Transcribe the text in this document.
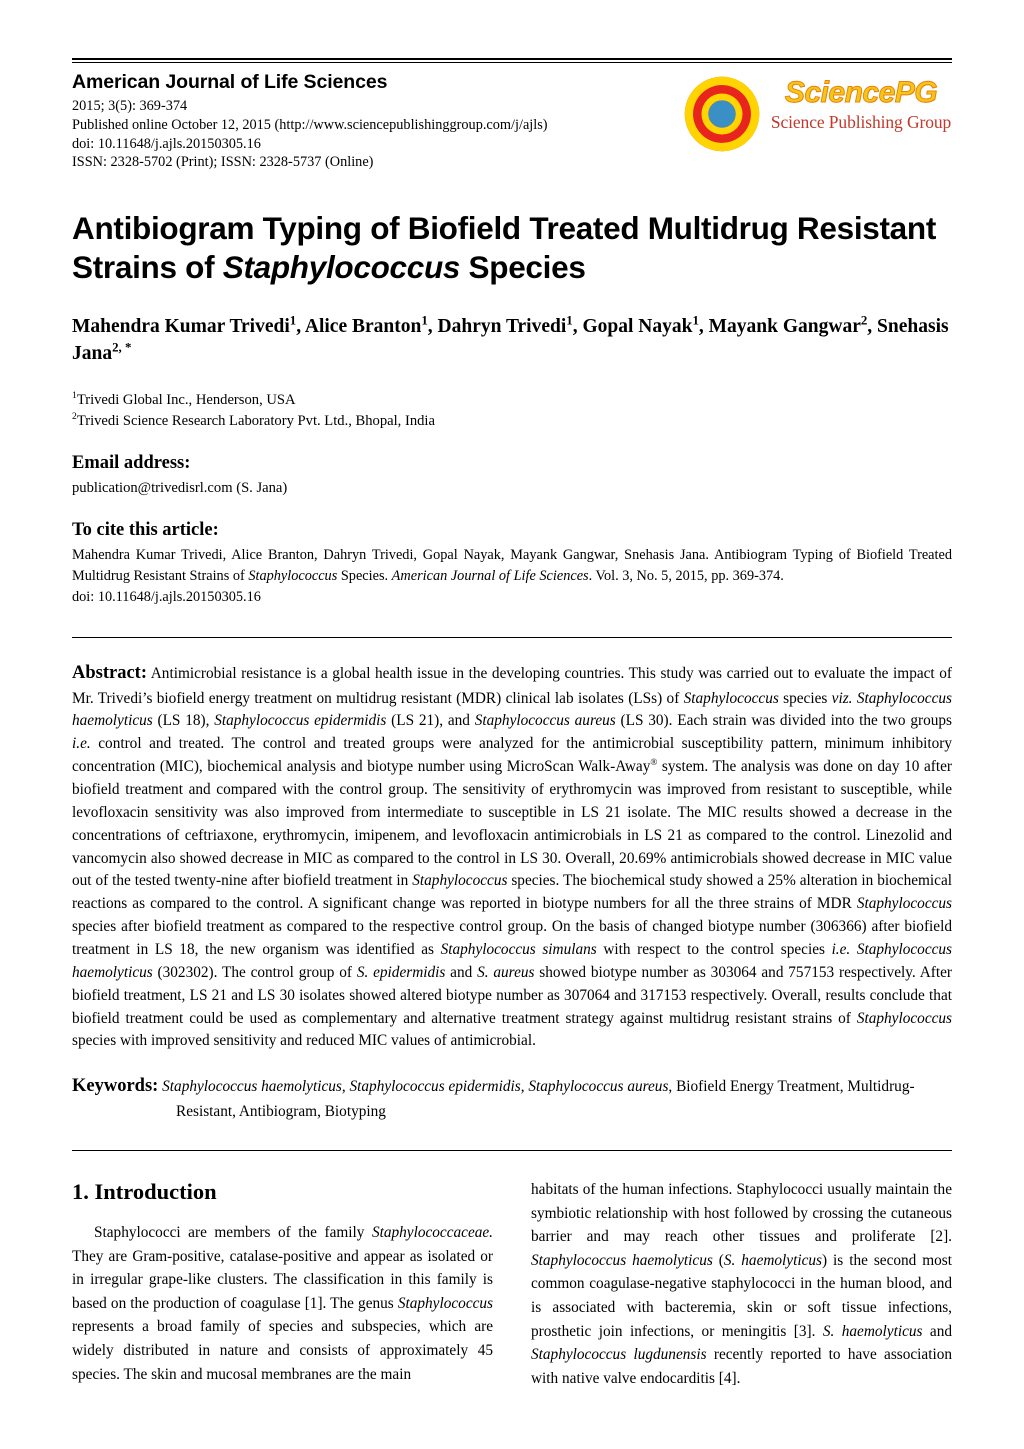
American Journal of Life Sciences
2015; 3(5): 369-374
Published online October 12, 2015 (http://www.sciencepublishinggroup.com/j/ajls)
doi: 10.11648/j.ajls.20150305.16
ISSN: 2328-5702 (Print); ISSN: 2328-5737 (Online)
SciencePG
Science Publishing Group
Antibiogram Typing of Biofield Treated Multidrug Resistant Strains of Staphylococcus Species
Mahendra Kumar Trivedi$^1$, Alice Branton$^1$, Dahryn Trivedi$^1$, Gopal Nayak$^1$, Mayank Gangwar$^2$, Snehasis Jana$^{2, *}$
$^1$Trivedi Global Inc., Henderson, USA
$^2$Trivedi Science Research Laboratory Pvt. Ltd., Bhopal, India
Email address:
publication@trivedisrl.com (S. Jana)
To cite this article:
Mahendra Kumar Trivedi, Alice Branton, Dahryn Trivedi, Gopal Nayak, Mayank Gangwar, Snehasis Jana. Antibiogram Typing of Biofield Treated Multidrug Resistant Strains of Staphylococcus Species. American Journal of Life Sciences. Vol. 3, No. 5, 2015, pp. 369-374.
doi: 10.11648/j.ajls.20150305.16
Abstract: Antimicrobial resistance is a global health issue in the developing countries. This study was carried out to evaluate the impact of Mr. Trivedi’s biofield energy treatment on multidrug resistant (MDR) clinical lab isolates (LSs) of Staphylococcus species viz. Staphylococcus haemolyticus (LS 18), Staphylococcus epidermidis (LS 21), and Staphylococcus aureus (LS 30). Each strain was divided into the two groups i.e. control and treated. The control and treated groups were analyzed for the antimicrobial susceptibility pattern, minimum inhibitory concentration (MIC), biochemical analysis and biotype number using MicroScan Walk-Away® system. The analysis was done on day 10 after biofield treatment and compared with the control group. The sensitivity of erythromycin was improved from resistant to susceptible, while levofloxacin sensitivity was also improved from intermediate to susceptible in LS 21 isolate. The MIC results showed a decrease in the concentrations of ceftriaxone, erythromycin, imipenem, and levofloxacin antimicrobials in LS 21 as compared to the control. Linezolid and vancomycin also showed decrease in MIC as compared to the control in LS 30. Overall, 20.69% antimicrobials showed decrease in MIC value out of the tested twenty-nine after biofield treatment in Staphylococcus species. The biochemical study showed a 25% alteration in biochemical reactions as compared to the control. A significant change was reported in biotype numbers for all the three strains of MDR Staphylococcus species after biofield treatment as compared to the respective control group. On the basis of changed biotype number (306366) after biofield treatment in LS 18, the new organism was identified as Staphylococcus simulans with respect to the control species i.e. Staphylococcus haemolyticus (302302). The control group of S. epidermidis and S. aureus showed biotype number as 303064 and 757153 respectively. After biofield treatment, LS 21 and LS 30 isolates showed altered biotype number as 307064 and 317153 respectively. Overall, results conclude that biofield treatment could be used as complementary and alternative treatment strategy against multidrug resistant strains of Staphylococcus species with improved sensitivity and reduced MIC values of antimicrobial.
Keywords: Staphylococcus haemolyticus, Staphylococcus epidermidis, Staphylococcus aureus, Biofield Energy Treatment, Multidrug-Resistant, Antibiogram, Biotyping
1. Introduction

Staphylococci are members of the family Staphylococcaceae. They are Gram-positive, catalase-positive and appear as isolated or in irregular grape-like clusters. The classification in this family is based on the production of coagulase [1]. The genus Staphylococcus represents a broad family of species and subspecies, which are widely distributed in nature and consists of approximately 45 species. The skin and mucosal membranes are the main

habitats of the human infections. Staphylococci usually maintain the symbiotic relationship with host followed by crossing the cutaneous barrier and may reach other tissues and proliferate [2]. Staphylococcus haemolyticus (S. haemolyticus) is the second most common coagulase-negative staphylococci in the human blood, and is associated with bacteremia, skin or soft tissue infections, prosthetic join infections, or meningitis [3]. S. haemolyticus and Staphylococcus lugdunensis recently reported to have association with native valve endocarditis [4].
